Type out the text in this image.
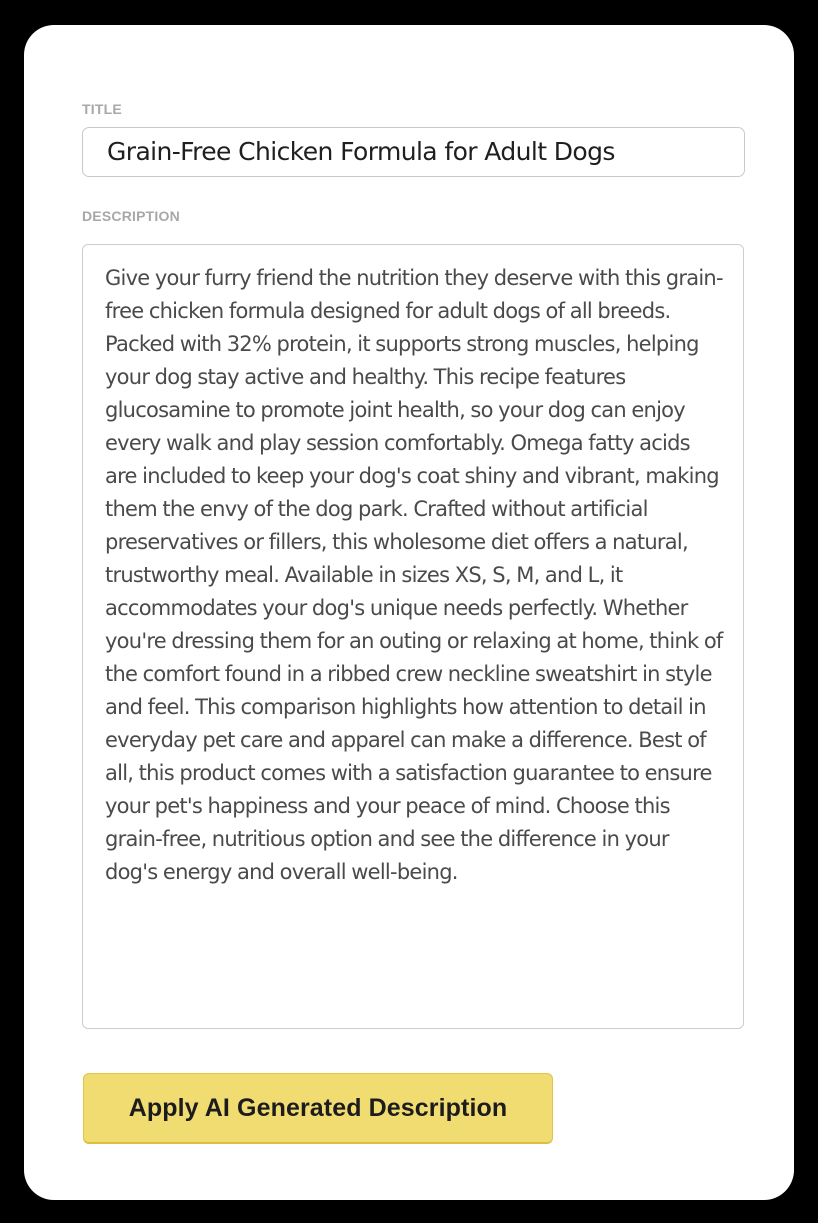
TITLE
Grain-Free Chicken Formula for Adult Dogs
DESCRIPTION
Give your furry friend the nutrition they deserve with this grain-free chicken formula designed for adult dogs of all breeds. Packed with 32% protein, it supports strong muscles, helping your dog stay active and healthy. This recipe features glucosamine to promote joint health, so your dog can enjoy every walk and play session comfortably. Omega fatty acids are included to keep your dog's coat shiny and vibrant, making them the envy of the dog park. Crafted without artificial preservatives or fillers, this wholesome diet offers a natural, trustworthy meal. Available in sizes XS, S, M, and L, it accommodates your dog's unique needs perfectly. Whether you're dressing them for an outing or relaxing at home, think of the comfort found in a ribbed crew neckline sweatshirt in style and feel. This comparison highlights how attention to detail in everyday pet care and apparel can make a difference. Best of all, this product comes with a satisfaction guarantee to ensure your pet's happiness and your peace of mind. Choose this grain-free, nutritious option and see the difference in your dog's energy and overall well-being.
Apply AI Generated Description
